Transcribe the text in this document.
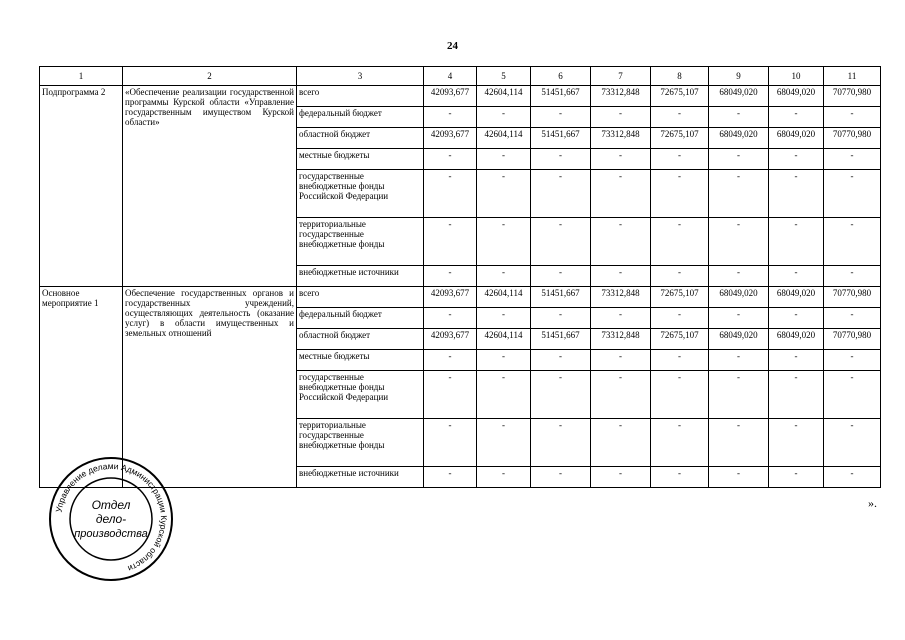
24
1	2	3	4	5	6	7	8	9	10	11
Подпрограмма 2	«Обеспечение реализации государственной программы Курской области «Управление государственным имуществом Курской области»	всего	42093,677	42604,114	51451,667	73312,848	72675,107	68049,020	68049,020	70770,980
		федеральный бюджет	-	-	-	-	-	-	-	-
		областной бюджет	42093,677	42604,114	51451,667	73312,848	72675,107	68049,020	68049,020	70770,980
		местные бюджеты	-	-	-	-	-	-	-	-
		государственные внебюджетные фонды Российской Федерации	-	-	-	-	-	-	-	-
		территориальные государственные внебюджетные фонды	-	-	-	-	-	-	-	-
		внебюджетные источники	-	-	-	-	-	-	-	-
Основное мероприятие 1	Обеспечение государственных органов и государственных учреждений, осуществляющих деятельность (оказание услуг) в области имущественных и земельных отношений	всего	42093,677	42604,114	51451,667	73312,848	72675,107	68049,020	68049,020	70770,980
		федеральный бюджет	-	-	-	-	-	-	-	-
		областной бюджет	42093,677	42604,114	51451,667	73312,848	72675,107	68049,020	68049,020	70770,980
		местные бюджеты	-	-	-	-	-	-	-	-
		государственные внебюджетные фонды Российской Федерации	-	-	-	-	-	-	-	-
		территориальные государственные внебюджетные фонды	-	-	-	-	-	-	-	-
		внебюджетные источники	-	-	-	-	-	-	-	-
».
Управление делами Администрации Курской области
Отдел
дело-
производства
